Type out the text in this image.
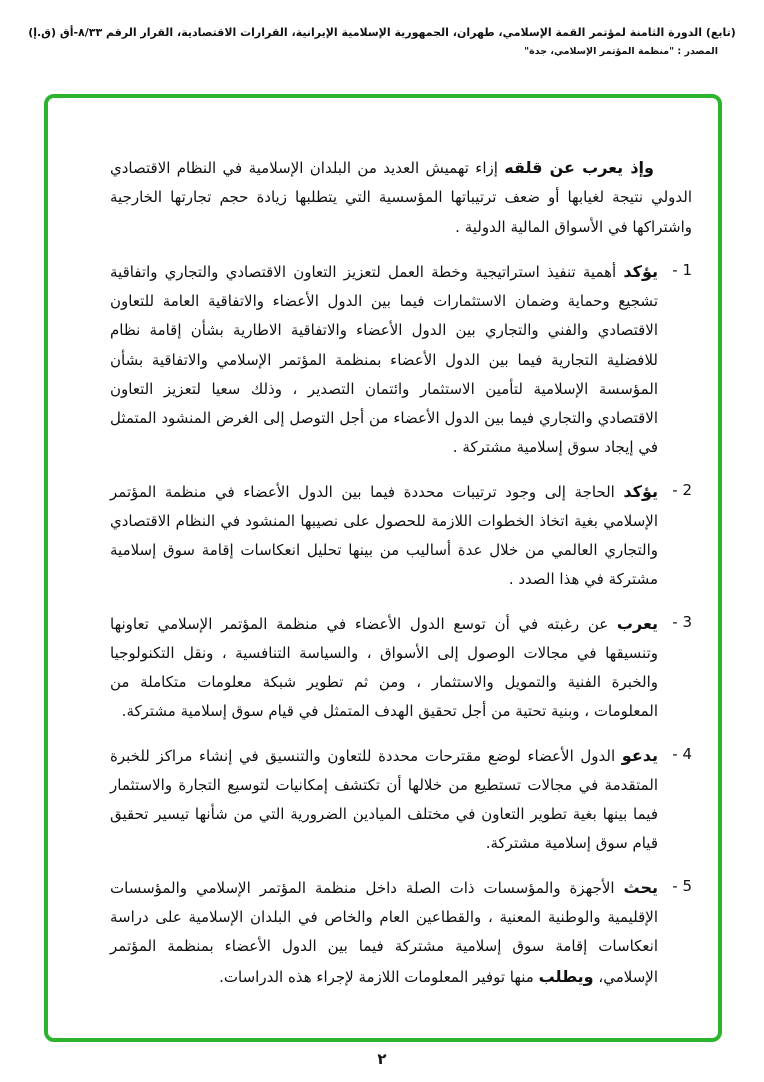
(تابع) الدورة الثامنة لمؤتمر القمة الإسلامي، طهران، الجمهورية الإسلامية الإيرانية، القرارات الاقتصادية، القرار الرقم ٨/٣٣-أق (ق.إ)
المصدر : "منظمة المؤتمر الإسلامي، جدة"

وإذ يعرب عن قلقه إزاء تهميش العديد من البلدان الإسلامية في النظام الاقتصادي الدولي نتيجة لغيابها أو ضعف ترتيباتها المؤسسية التي يتطلبها زيادة حجم تجارتها الخارجية واشتراكها في الأسواق المالية الدولية .

1 -

يؤكد أهمية تنفيذ استراتيجية وخطة العمل لتعزيز التعاون الاقتصادي والتجاري واتفاقية تشجيع وحماية وضمان الاستثمارات فيما بين الدول الأعضاء والاتفاقية العامة للتعاون الاقتصادي والفني والتجاري بين الدول الأعضاء والاتفاقية الاطارية بشأن إقامة نظام للافضلية التجارية فيما بين الدول الأعضاء بمنظمة المؤتمر الإسلامي والاتفاقية بشأن المؤسسة الإسلامية لتأمين الاستثمار وائتمان التصدير ، وذلك سعيا لتعزيز التعاون الاقتصادي والتجاري فيما بين الدول الأعضاء من أجل التوصل إلى الغرض المنشود المتمثل في إيجاد سوق إسلامية مشتركة .

2 -

يؤكد الحاجة إلى وجود ترتيبات محددة فيما بين الدول الأعضاء في منظمة المؤتمر الإسلامي بغية اتخاذ الخطوات اللازمة للحصول على نصيبها المنشود في النظام الاقتصادي والتجاري العالمي من خلال عدة أساليب من بينها تحليل انعكاسات إقامة سوق إسلامية مشتركة في هذا الصدد .

3 -

يعرب عن رغبته في أن توسع الدول الأعضاء في منظمة المؤتمر الإسلامي تعاونها وتنسيقها في مجالات الوصول إلى الأسواق ، والسياسة التنافسية ، ونقل التكنولوجيا والخبرة الفنية والتمويل والاستثمار ، ومن ثم تطوير شبكة معلومات متكاملة من المعلومات ، وبنية تحتية من أجل تحقيق الهدف المتمثل في قيام سوق إسلامية مشتركة.

4 -

يدعو الدول الأعضاء لوضع مقترحات محددة للتعاون والتنسيق في إنشاء مراكز للخبرة المتقدمة في مجالات تستطيع من خلالها أن تكتشف إمكانيات لتوسيع التجارة والاستثمار فيما بينها بغية تطوير التعاون في مختلف الميادين الضرورية التي من شأنها تيسير تحقيق قيام سوق إسلامية مشتركة.

5 -

يحث الأجهزة والمؤسسات ذات الصلة داخل منظمة المؤتمر الإسلامي والمؤسسات الإقليمية والوطنية المعنية ، والقطاعين العام والخاص في البلدان الإسلامية على دراسة انعكاسات إقامة سوق إسلامية مشتركة فيما بين الدول الأعضاء بمنظمة المؤتمر الإسلامي، ويطلب منها توفير المعلومات اللازمة لإجراء هذه الدراسات.

٢
